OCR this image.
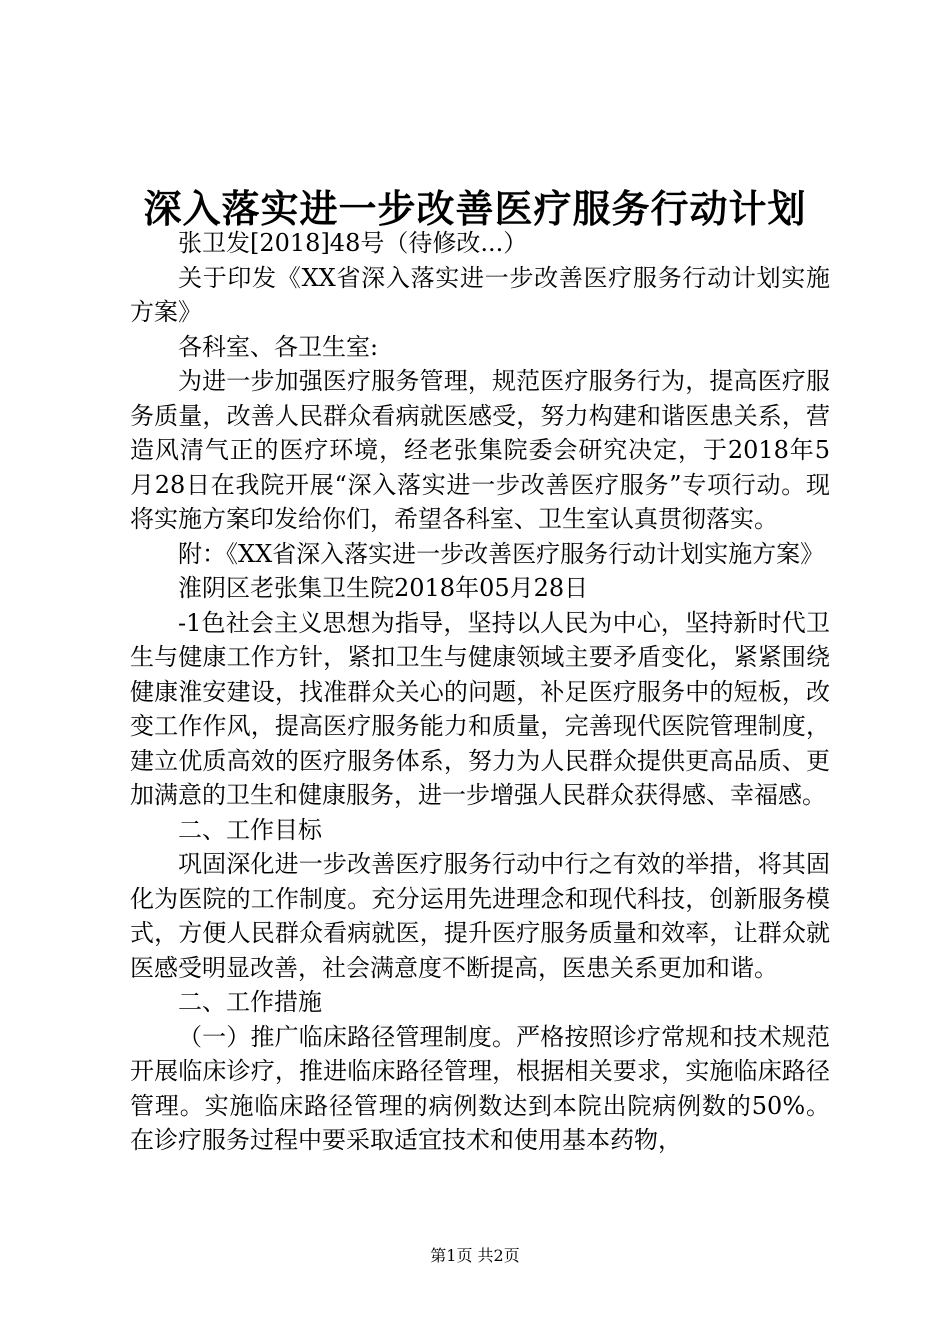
深入落实进一步改善医疗服务行动计划

张卫发[2018]48号（待修改...）

关于印发《XX省深入落实进一步改善医疗服务行动计划实施方案》

各科室、各卫生室:

为进一步加强医疗服务管理，规范医疗服务行为，提高医疗服务质量，改善人民群众看病就医感受，努力构建和谐医患关系，营造风清气正的医疗环境，经老张集院委会研究决定，于2018年5月28日在我院开展“深入落实进一步改善医疗服务”专项行动。现将实施方案印发给你们，希望各科室、卫生室认真贯彻落实。

附：《XX省深入落实进一步改善医疗服务行动计划实施方案》

淮阴区老张集卫生院2018年05月28日

-1色社会主义思想为指导，坚持以人民为中心，坚持新时代卫生与健康工作方针，紧扣卫生与健康领域主要矛盾变化，紧紧围绕健康淮安建设，找准群众关心的问题，补足医疗服务中的短板，改变工作作风，提高医疗服务能力和质量，完善现代医院管理制度，建立优质高效的医疗服务体系，努力为人民群众提供更高品质、更加满意的卫生和健康服务，进一步增强人民群众获得感、幸福感。

二、工作目标

巩固深化进一步改善医疗服务行动中行之有效的举措，将其固化为医院的工作制度。充分运用先进理念和现代科技，创新服务模式，方便人民群众看病就医，提升医疗服务质量和效率，让群众就医感受明显改善，社会满意度不断提高，医患关系更加和谐。

二、工作措施

（一）推广临床路径管理制度。严格按照诊疗常规和技术规范开展临床诊疗，推进临床路径管理，根据相关要求，实施临床路径管理。实施临床路径管理的病例数达到本院出院病例数的50%。在诊疗服务过程中要采取适宜技术和使用基本药物，

第1页 共2页
